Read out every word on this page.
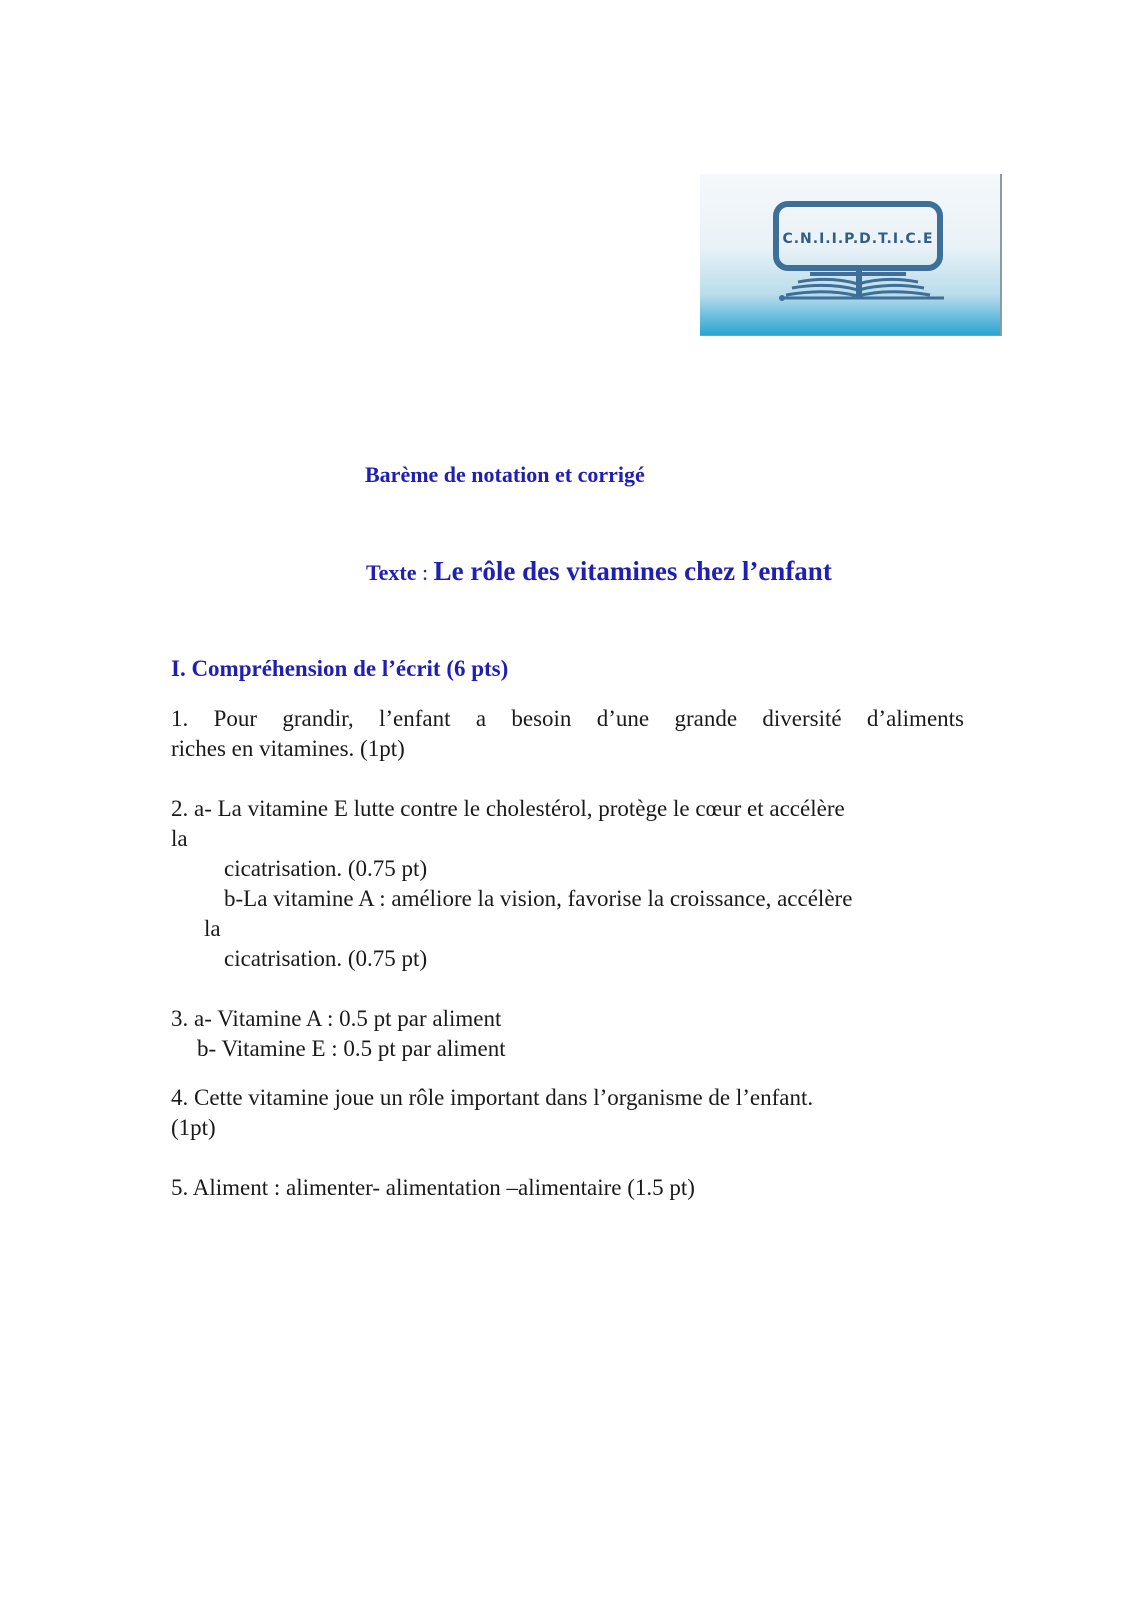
C.N.I.I.P.D.T.I.C.E
Barème de notation et corrigé
Texte : Le rôle des vitamines chez l’enfant
I. Compréhension de l’écrit (6 pts)
1. Pour grandir, l’enfant a besoin d’une grande diversité d’aliments
riches en vitamines. (1pt)
2. a- La vitamine E lutte contre le cholestérol, protège le cœur et accélère
la
cicatrisation. (0.75 pt)
b-La vitamine A : améliore la vision, favorise la croissance, accélère
la
cicatrisation. (0.75 pt)
3. a- Vitamine A : 0.5 pt par aliment
b- Vitamine E : 0.5 pt par aliment
4. Cette vitamine joue un rôle important dans l’organisme de l’enfant.
(1pt)
5. Aliment : alimenter- alimentation –alimentaire (1.5 pt)
